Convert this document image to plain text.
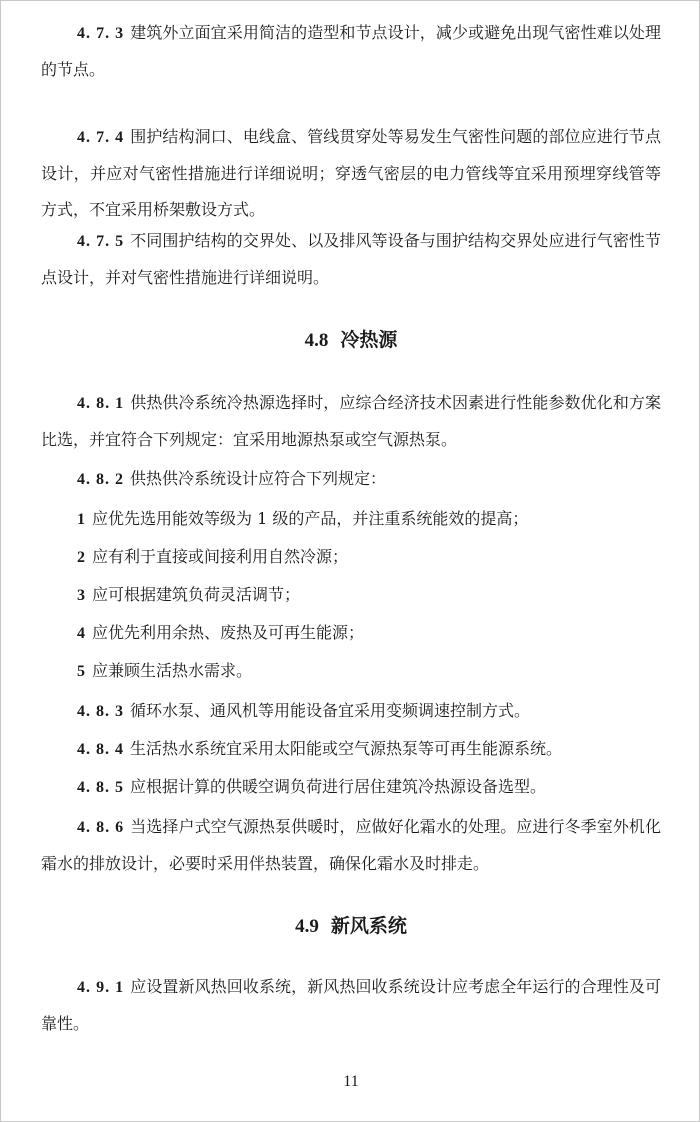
4. 7. 3 建筑外立面宜采用简洁的造型和节点设计，减少或避免出现气密性难以处理的节点。

4. 7. 4 围护结构洞口、电线盒、管线贯穿处等易发生气密性问题的部位应进行节点设计，并应对气密性措施进行详细说明；穿透气密层的电力管线等宜采用预埋穿线管等方式，不宜采用桥架敷设方式。

4. 7. 5 不同围护结构的交界处、以及排风等设备与围护结构交界处应进行气密性节点设计，并对气密性措施进行详细说明。

4.8 冷热源

4. 8. 1 供热供冷系统冷热源选择时，应综合经济技术因素进行性能参数优化和方案比选，并宜符合下列规定：宜采用地源热泵或空气源热泵。

4. 8. 2 供热供冷系统设计应符合下列规定：

1 应优先选用能效等级为 1 级的产品，并注重系统能效的提高；

2 应有利于直接或间接利用自然冷源；

3 应可根据建筑负荷灵活调节；

4 应优先利用余热、废热及可再生能源；

5 应兼顾生活热水需求。

4. 8. 3 循环水泵、通风机等用能设备宜采用变频调速控制方式。

4. 8. 4 生活热水系统宜采用太阳能或空气源热泵等可再生能源系统。

4. 8. 5 应根据计算的供暖空调负荷进行居住建筑冷热源设备选型。

4. 8. 6 当选择户式空气源热泵供暖时，应做好化霜水的处理。应进行冬季室外机化霜水的排放设计，必要时采用伴热装置，确保化霜水及时排走。

4.9 新风系统

4. 9. 1 应设置新风热回收系统，新风热回收系统设计应考虑全年运行的合理性及可靠性。

11
